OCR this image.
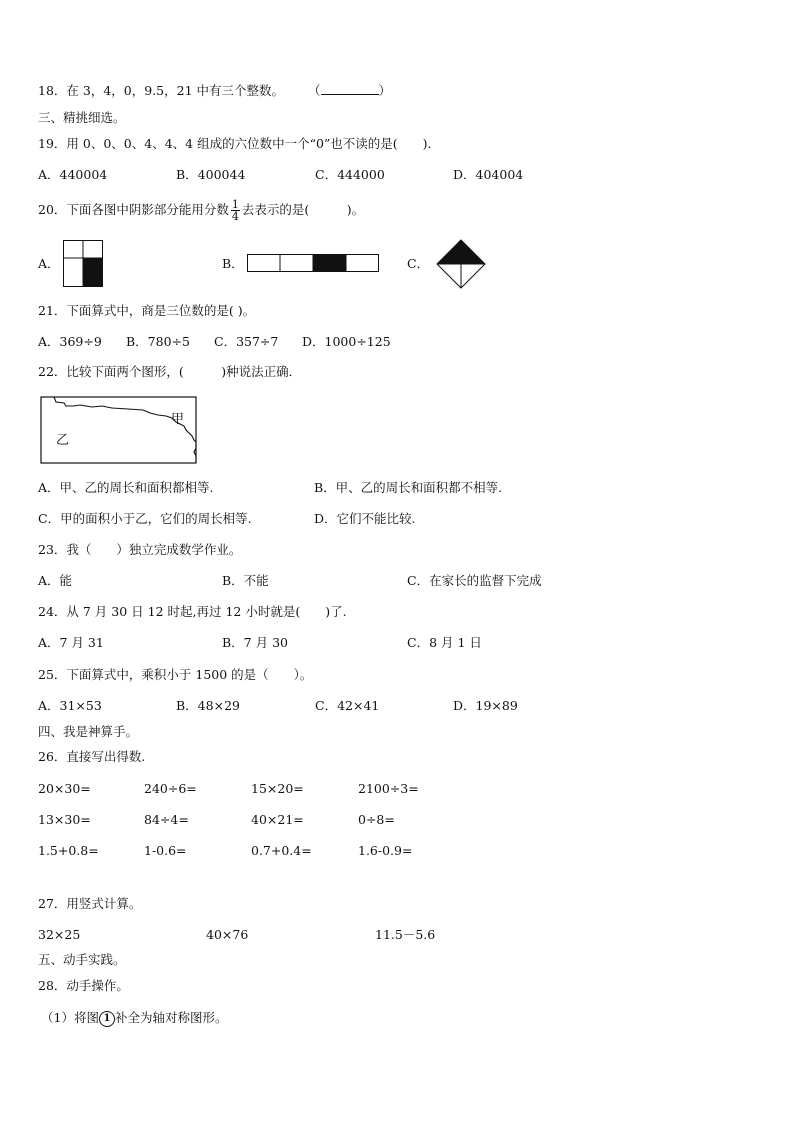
18．在 3，4，0，9.5，21 中有三个整数。 （	）
三、精挑细选。
19．用 0、0、0、4、4、4 组成的六位数中一个“0”也不读的是(　　)．
A．440004	B．400044	C．444000	D．404004
20．下面各图中阴影部分能用分数 $\frac{1}{4}$ 去表示的是(　　　)。
A．	B．	C．
21．下面算式中，商是三位数的是( )。
A．369÷9 B．780÷5 C．357÷7 D．1000÷125
22．比较下面两个图形，(　　　)种说法正确．
甲
乙
A．甲、乙的周长和面积都相等.	B．甲、乙的周长和面积都不相等.
C．甲的面积小于乙，它们的周长相等.	D．它们不能比较.
23．我（　　）独立完成数学作业。
A．能	B．不能	C．在家长的监督下完成
24．从 7 月 30 日 12 时起,再过 12 小时就是(　　)了.
A．7 月 31	B．7 月 30	C．8 月 1 日
25．下面算式中，乘积小于 1500 的是（　　）。
A．31×53	B．48×29	C．42×41	D．19×89
四、我是神算手。
26．直接写出得数.
20×30=	240÷6=	15×20=	2100÷3=
13×30=	84÷4=	40×21=	0÷8=
1.5+0.8=	1-0.6=	0.7+0.4=	1.6-0.9=
27．用竖式计算。
32×25	40×76	11.5－5.6
五、动手实践。
28．动手操作。
（1）将图 1 补全为轴对称图形。
